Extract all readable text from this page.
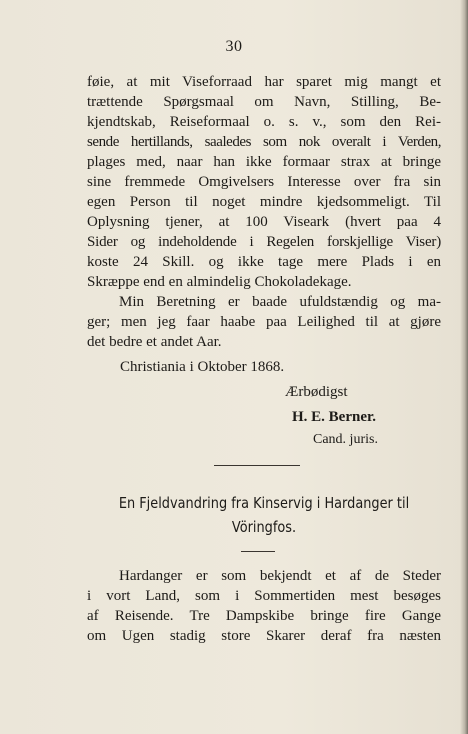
30
føie, at mit Viseforraad har sparet mig mangt et
trættende Spørgsmaal om Navn, Stilling, Be-
kjendtskab, Reiseformaal o. s. v., som den Rei-
sende hertillands, saaledes som nok overalt i Verden,
plages med, naar han ikke formaar strax at bringe
sine fremmede Omgivelsers Interesse over fra sin
egen Person til noget mindre kjedsommeligt. Til
Oplysning tjener, at 100 Viseark (hvert paa 4
Sider og indeholdende i Regelen forskjellige Viser)
koste 24 Skill. og ikke tage mere Plads i en
Skræppe end en almindelig Chokoladekage.
Min Beretning er baade ufuldstændig og ma-
ger; men jeg faar haabe paa Leilighed til at gjøre
det bedre et andet Aar.
Christiania i Oktober 1868.
Ærbødigst
H. E. Berner.
Cand. juris.
En Fjeldvandring fra Kinservig i Hardanger til
Vöringfos.
Hardanger er som bekjendt et af de Steder
i vort Land, som i Sommertiden mest besøges
af Reisende. Tre Dampskibe bringe fire Gange
om Ugen stadig store Skarer deraf fra næsten
